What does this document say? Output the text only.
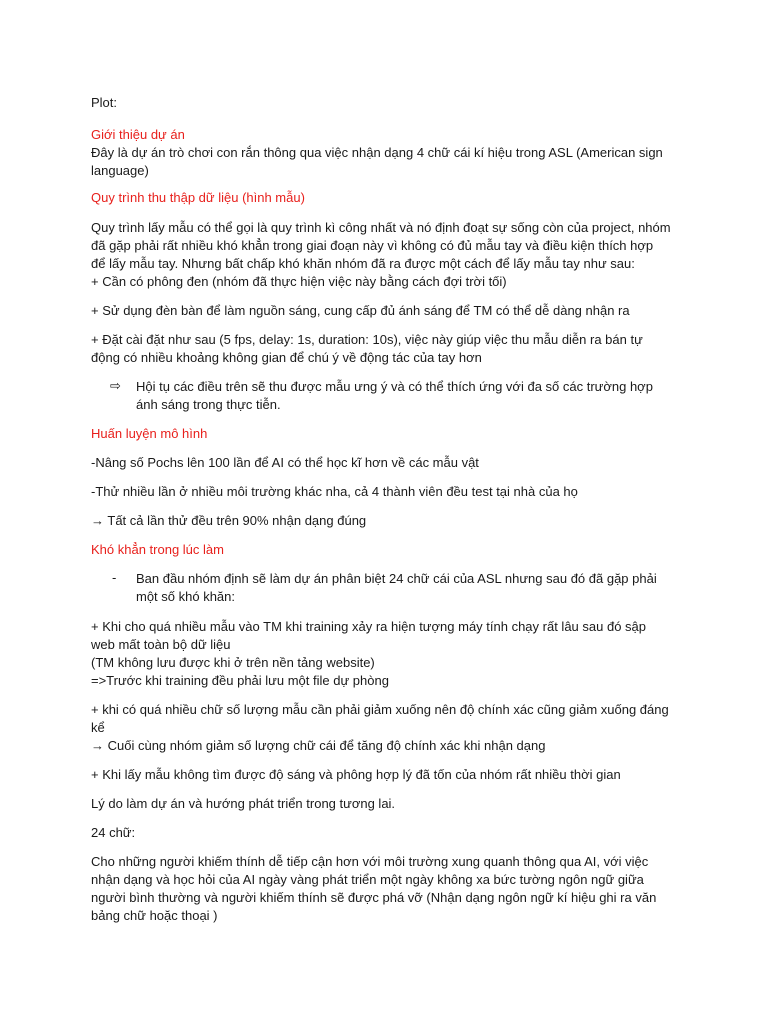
Plot:

Giới thiệu dự án

Đây là dự án trò chơi con rắn thông qua việc nhận dạng 4 chữ cái kí hiệu trong ASL (American sign language)

Quy trình thu thập dữ liệu (hình mẫu)

Quy trình lấy mẫu có thể gọi là quy trình kì công nhất và nó định đoạt sự sống còn của project, nhóm đã gặp phải rất nhiều khó khẳn trong giai đoạn này vì không có đủ mẫu tay và điều kiện thích hợp để lấy mẫu tay. Nhưng bất chấp khó khăn nhóm đã ra được một cách để lấy mẫu tay như sau:

+ Cần có phông đen (nhóm đã thực hiện việc này bằng cách đợi trời tối)

+ Sử dụng đèn bàn để làm nguồn sáng, cung cấp đủ ánh sáng để TM có thể dễ dàng nhận ra

+ Đặt cài đặt như sau (5 fps, delay: 1s, duration: 10s), việc này giúp việc thu mẫu diễn ra bán tự động có nhiều khoảng không gian để chú ý về động tác của tay hơn

⇨	Hội tụ các điều trên sẽ thu được mẫu ưng ý và có thể thích ứng với đa số các trường hợp ánh sáng trong thực tiễn.

Huấn luyện mô hình

-Nâng số Pochs lên 100 lần để AI có thể học kĩ hơn về các mẫu vật

-Thử nhiều lần ở nhiều môi trường khác nha, cả 4 thành viên đều test tại nhà của họ

→ Tất cả lần thử đều trên 90% nhận dạng đúng

Khó khẳn trong lúc làm

-	Ban đầu nhóm định sẽ làm dự án phân biệt 24 chữ cái của ASL nhưng sau đó đã gặp phải một số khó khăn:

+ Khi cho quá nhiều mẫu vào TM khi training xảy ra hiện tượng máy tính chạy rất lâu sau đó sập web mất toàn bộ dữ liệu

(TM không lưu được khi ở trên nền tảng website)

=>Trước khi training đều phải lưu một file dự phòng

+ khi có quá nhiều chữ số lượng mẫu cần phải giảm xuống nên độ chính xác cũng giảm xuống đáng kể

→ Cuối cùng nhóm giảm số lượng chữ cái để tăng độ chính xác khi nhận dạng

+ Khi lấy mẫu không tìm được độ sáng và phông hợp lý đã tốn của nhóm rất nhiều thời gian

Lý do làm dự án và hướng phát triển trong tương lai.

24 chữ:

Cho những người khiếm thính dễ tiếp cận hơn với môi trường xung quanh thông qua AI, với việc nhận dạng và học hỏi của AI ngày vàng phát triển một ngày không xa bức tường ngôn ngữ giữa người bình thường và người khiếm thính sẽ được phá vỡ (Nhận dạng ngôn ngữ kí hiệu ghi ra văn bảng chữ hoặc thoại )
